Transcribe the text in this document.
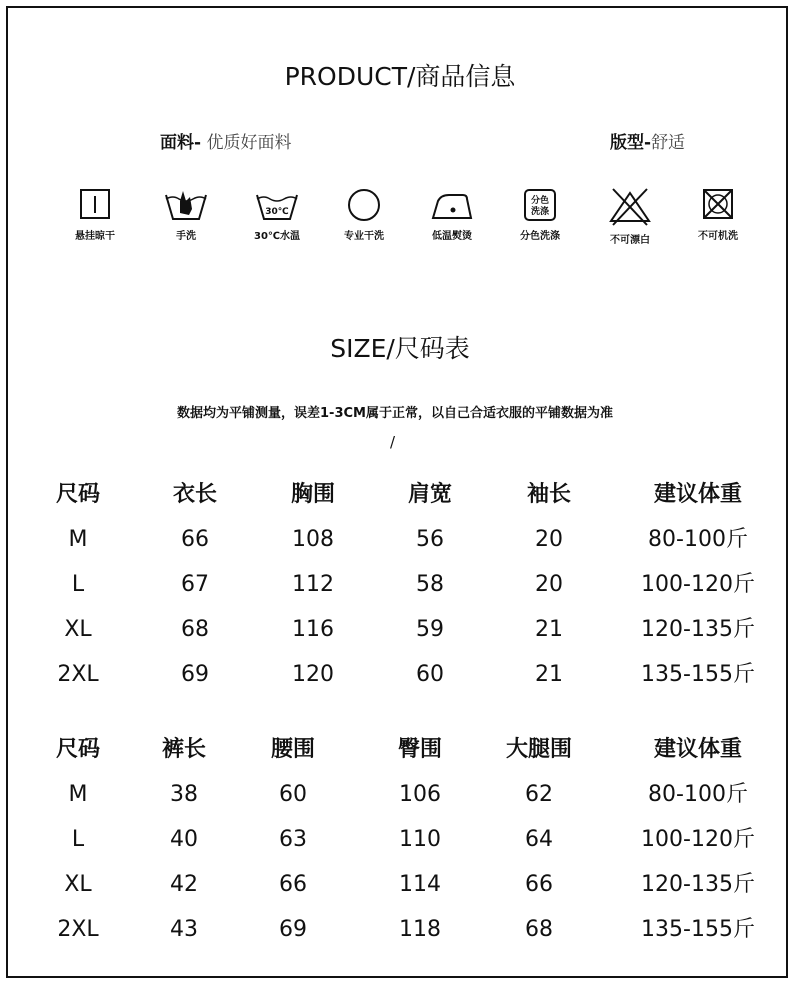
PRODUCT/商品信息
面料- 优质好面料	版型-舒适
悬挂晾干	手洗
30℃
30℃水温	专业干洗	低温熨烫
分色
洗涤
分色洗涤	不可漂白	不可机洗
SIZE/尺码表
数据均为平铺测量，误差1-3CM属于正常，以自己合适衣服的平铺数据为准
/
尺码	衣长	胸围	肩宽	袖长	建议体重
M	66	108	56	20	80-100斤
L	67	112	58	20	100-120斤
XL	68	116	59	21	120-135斤
2XL	69	120	60	21	135-155斤
尺码	裤长	腰围	臀围	大腿围	建议体重
M	38	60	106	62	80-100斤
L	40	63	110	64	100-120斤
XL	42	66	114	66	120-135斤
2XL	43	69	118	68	135-155斤
